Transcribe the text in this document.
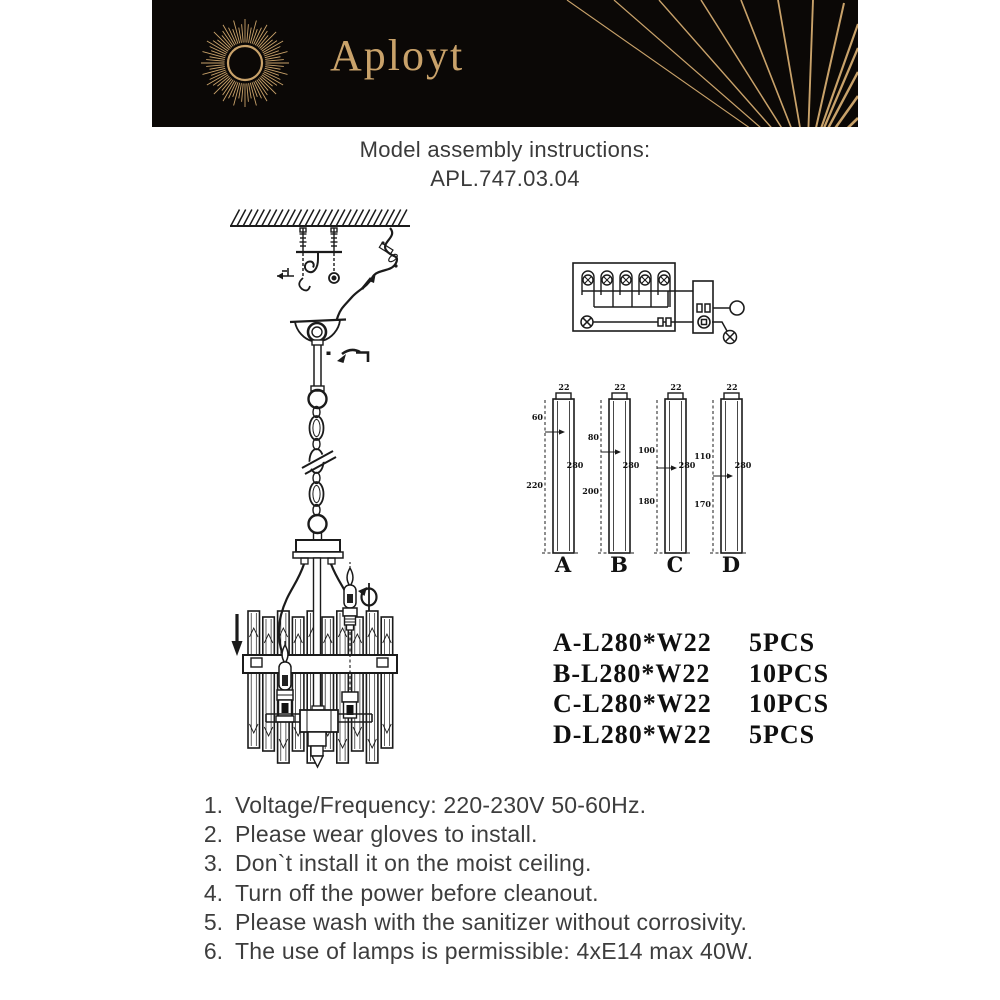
Aployt
Model assembly instructions:
APL.747.03.04
22
60
220
280
A
22
80
200
280
B
22
100
180
280
C
22
110
170
280
D
A-L280*W22 5PCS
B-L280*W22 10PCS
C-L280*W22 10PCS
D-L280*W22 5PCS
1. Voltage/Frequency: 220-230V 50-60Hz.
2. Please wear gloves to install.
3. Don`t install it on the moist ceiling.
4. Turn off the power before cleanout.
5. Please wash with the sanitizer without corrosivity.
6. The use of lamps is permissible: 4xE14 max 40W.
